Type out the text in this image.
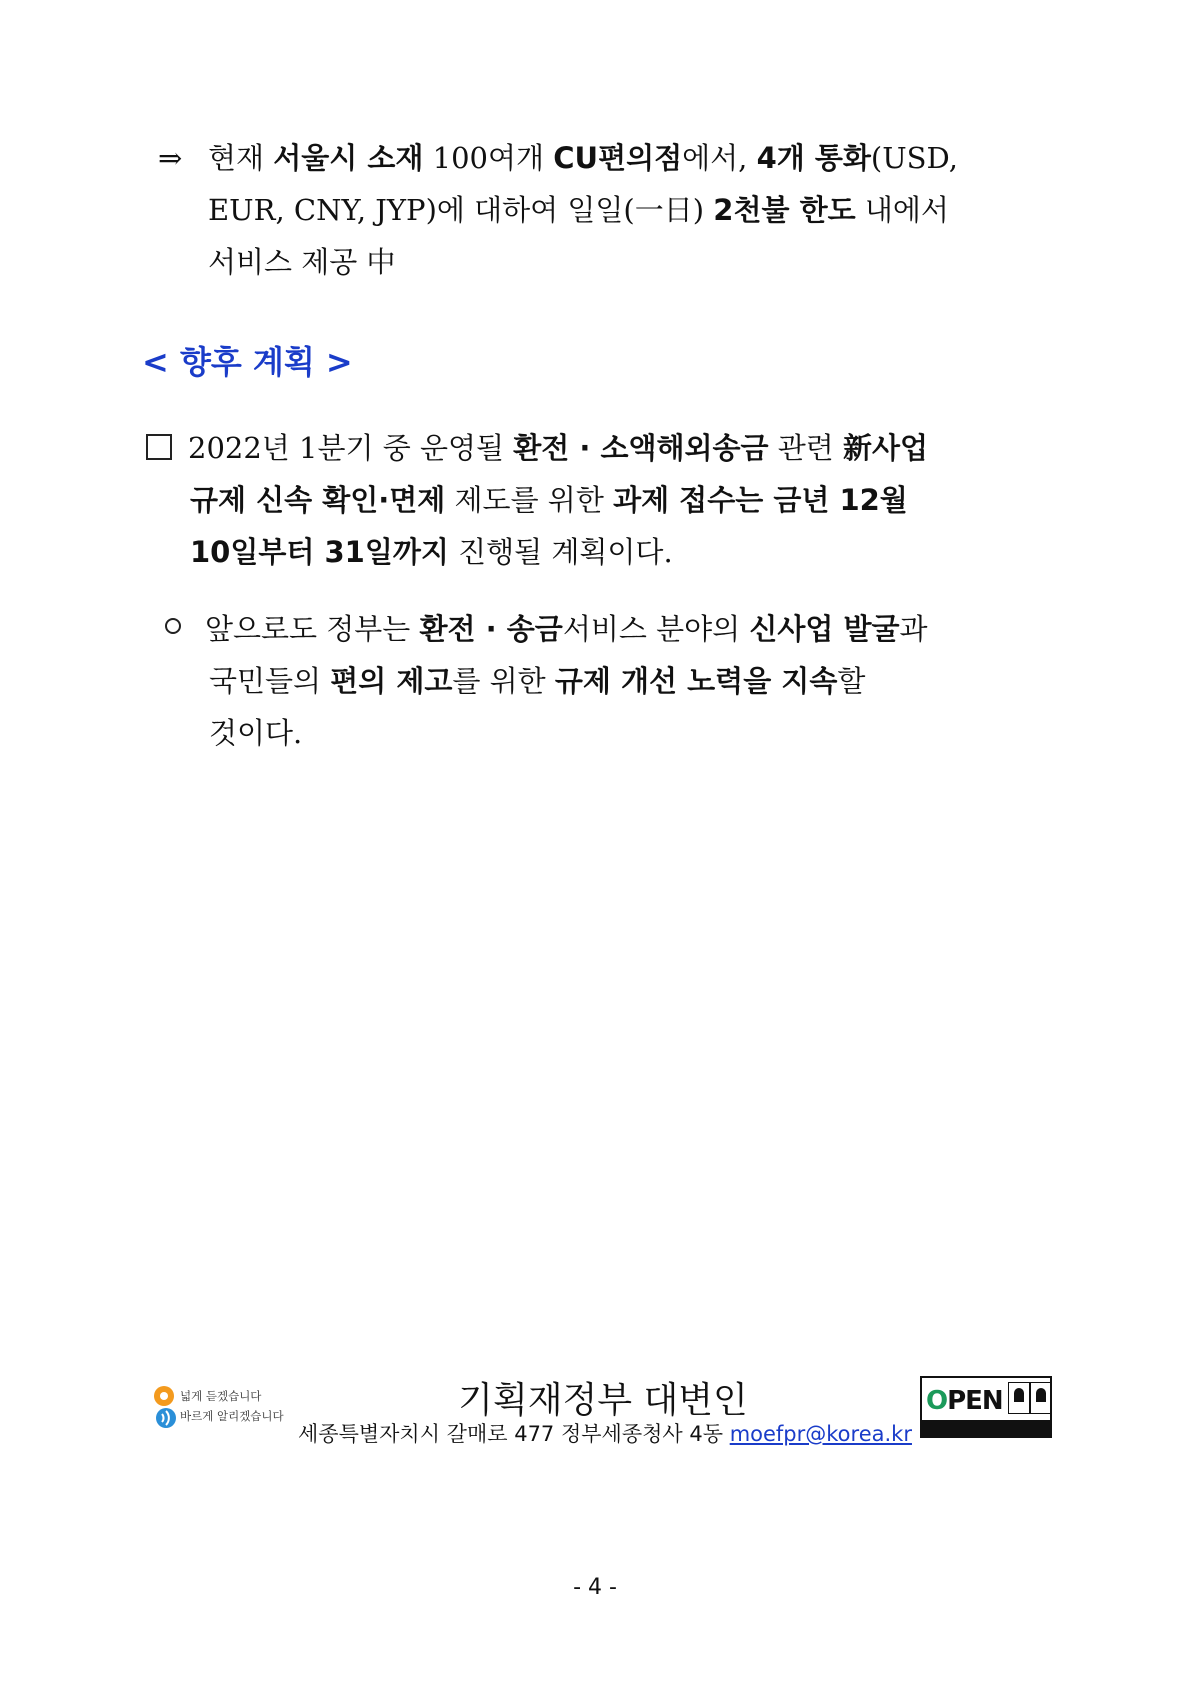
⇒ 현재 서울시 소재 100여개 CU편의점에서, 4개 통화(USD,
EUR, CNY, JYP)에 대하여 일일(一日) 2천불 한도 내에서
서비스 제공 中
< 향후 계획 >
2022년 1분기 중 운영될 환전 · 소액해외송금 관련 新사업
규제 신속 확인·면제 제도를 위한 과제 접수는 금년 12월
10일부터 31일까지 진행될 계획이다.
앞으로도 정부는 환전 · 송금서비스 분야의 신사업 발굴과
국민들의 편의 제고를 위한 규제 개선 노력을 지속할
것이다.
넓게 듣겠습니다
바르게 알리겠습니다	기획재정부 대변인
세종특별자치시 갈매로 477 정부세종청사 4동 moefpr@korea.kr
OPEN
- 4 -
